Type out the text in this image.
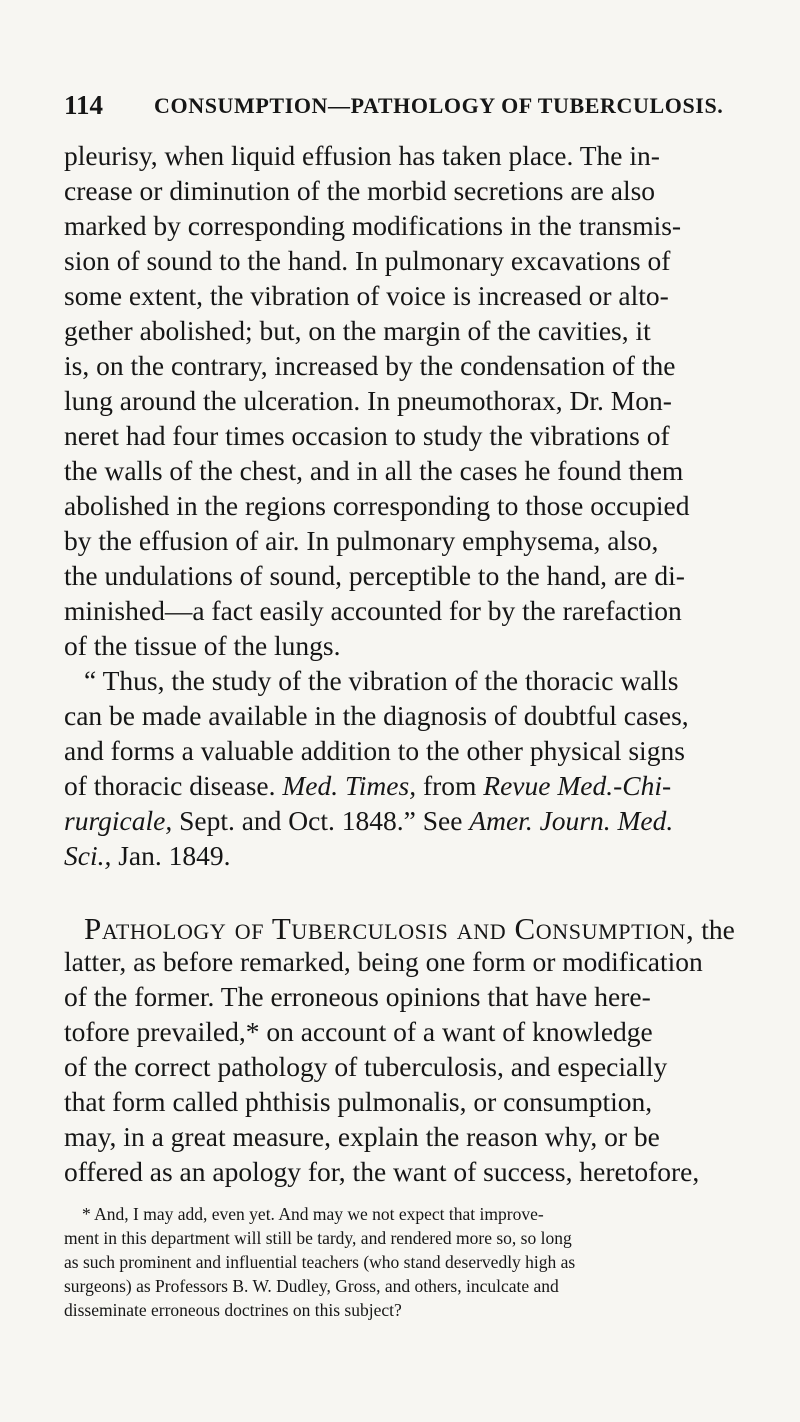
114 CONSUMPTION—PATHOLOGY OF TUBERCULOSIS.
pleurisy, when liquid effusion has taken place. The in-
crease or diminution of the morbid secretions are also
marked by corresponding modifications in the transmis-
sion of sound to the hand. In pulmonary excavations of
some extent, the vibration of voice is increased or alto-
gether abolished; but, on the margin of the cavities, it
is, on the contrary, increased by the condensation of the
lung around the ulceration. In pneumothorax, Dr. Mon-
neret had four times occasion to study the vibrations of
the walls of the chest, and in all the cases he found them
abolished in the regions corresponding to those occupied
by the effusion of air. In pulmonary emphysema, also,
the undulations of sound, perceptible to the hand, are di-
minished—a fact easily accounted for by the rarefaction
of the tissue of the lungs.
“ Thus, the study of the vibration of the thoracic walls
can be made available in the diagnosis of doubtful cases,
and forms a valuable addition to the other physical signs
of thoracic disease. Med. Times, from Revue Med.-Chi-
rurgicale, Sept. and Oct. 1848.” See Amer. Journ. Med.
Sci., Jan. 1849.
Pathology of Tuberculosis and Consumption, the
latter, as before remarked, being one form or modification
of the former. The erroneous opinions that have here-
tofore prevailed,* on account of a want of knowledge
of the correct pathology of tuberculosis, and especially
that form called phthisis pulmonalis, or consumption,
may, in a great measure, explain the reason why, or be
offered as an apology for, the want of success, heretofore,
* And, I may add, even yet. And may we not expect that improve-
ment in this department will still be tardy, and rendered more so, so long
as such prominent and influential teachers (who stand deservedly high as
surgeons) as Professors B. W. Dudley, Gross, and others, inculcate and
disseminate erroneous doctrines on this subject?
